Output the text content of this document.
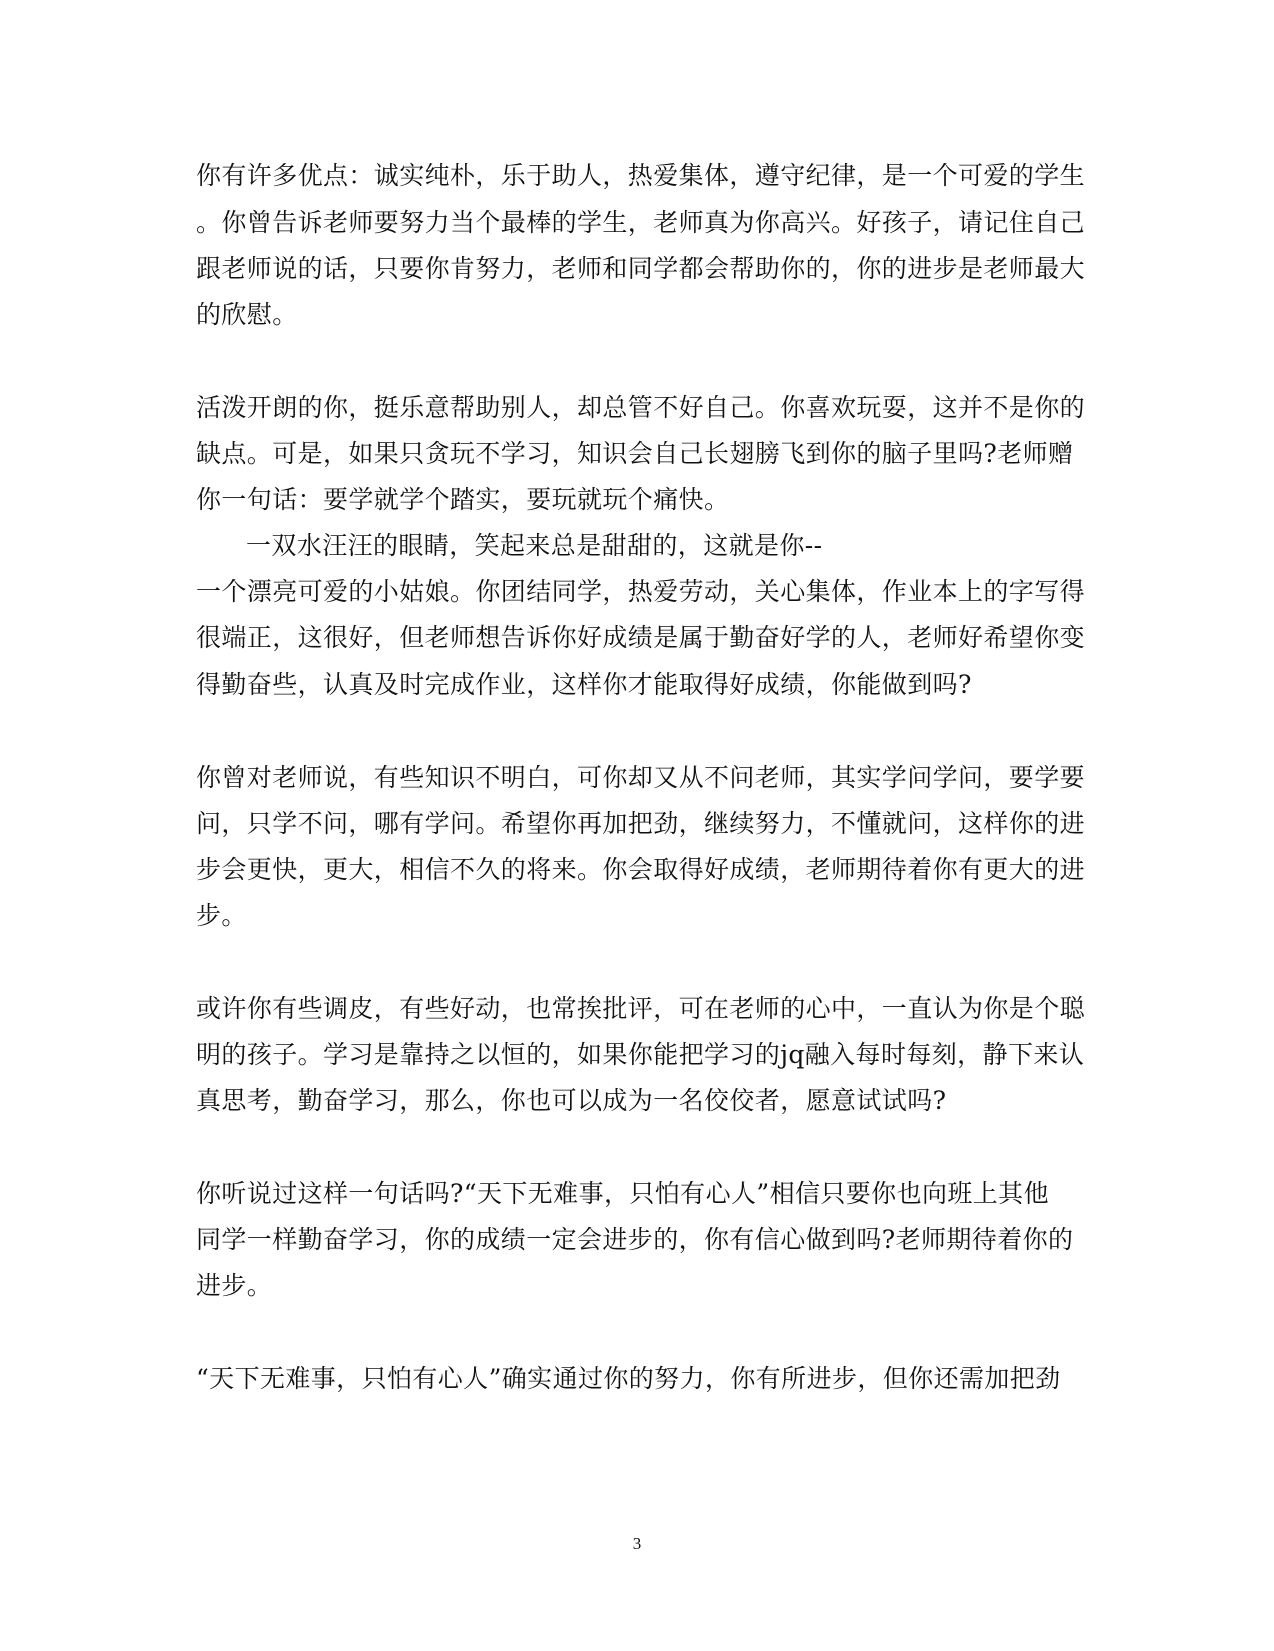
你有许多优点：诚实纯朴，乐于助人，热爱集体，遵守纪律，是一个可爱的学生
。你曾告诉老师要努力当个最棒的学生，老师真为你高兴。好孩子，请记住自己
跟老师说的话，只要你肯努力，老师和同学都会帮助你的，你的进步是老师最大
的欣慰。
活泼开朗的你，挺乐意帮助别人，却总管不好自己。你喜欢玩耍，这并不是你的
缺点。可是，如果只贪玩不学习，知识会自己长翅膀飞到你的脑子里吗?老师赠
你一句话：要学就学个踏实，要玩就玩个痛快。
一双水汪汪的眼睛，笑起来总是甜甜的，这就是你--
一个漂亮可爱的小姑娘。你团结同学，热爱劳动，关心集体，作业本上的字写得
很端正，这很好，但老师想告诉你好成绩是属于勤奋好学的人，老师好希望你变
得勤奋些，认真及时完成作业，这样你才能取得好成绩，你能做到吗?
你曾对老师说，有些知识不明白，可你却又从不问老师，其实学问学问，要学要
问，只学不问，哪有学问。希望你再加把劲，继续努力，不懂就问，这样你的进
步会更快，更大，相信不久的将来。你会取得好成绩，老师期待着你有更大的进
步。
或许你有些调皮，有些好动，也常挨批评，可在老师的心中，一直认为你是个聪
明的孩子。学习是靠持之以恒的，如果你能把学习的jq融入每时每刻，静下来认
真思考，勤奋学习，那么，你也可以成为一名佼佼者，愿意试试吗?
你听说过这样一句话吗?“天下无难事，只怕有心人”相信只要你也向班上其他
同学一样勤奋学习，你的成绩一定会进步的，你有信心做到吗?老师期待着你的
进步。
“天下无难事，只怕有心人”确实通过你的努力，你有所进步，但你还需加把劲
3
